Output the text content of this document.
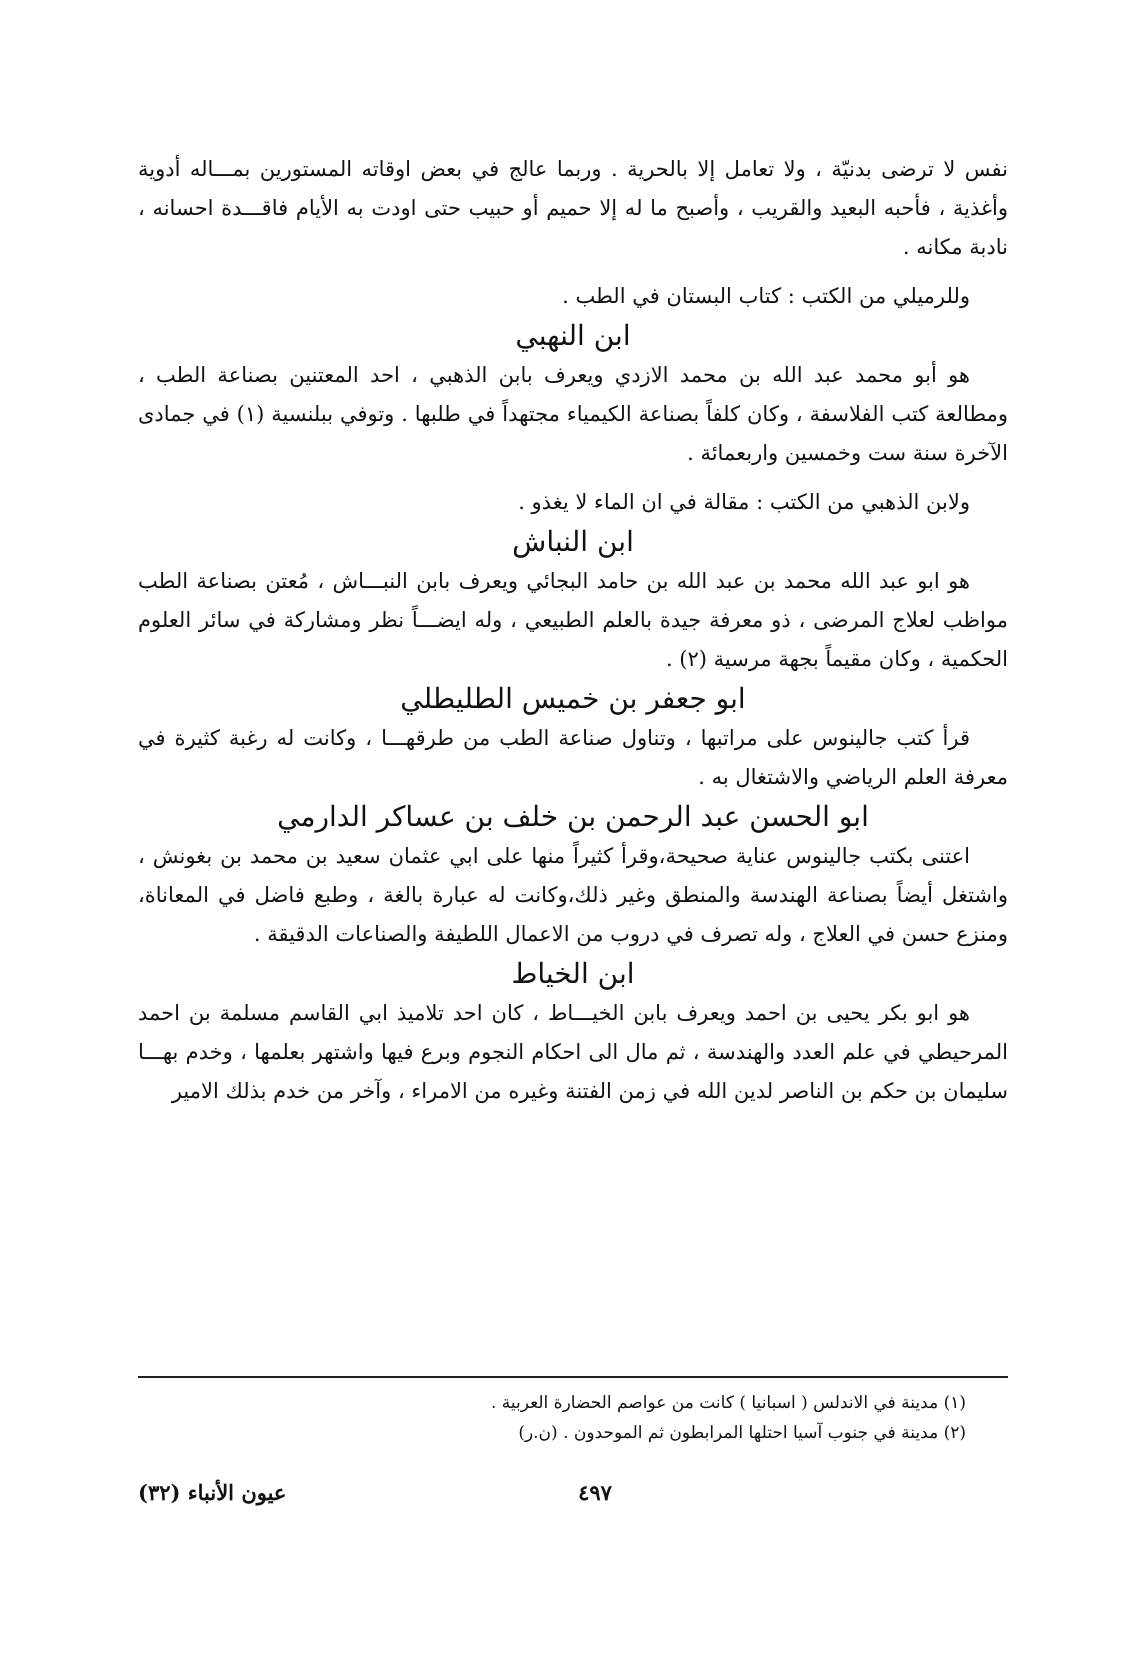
نفس لا ترضى بدنيّة ، ولا تعامل إلا بالحرية . وربما عالج في بعض اوقاته المستورين بمـــاله أدوية وأغذية ، فأحبه البعيد والقريب ، وأصبح ما له إلا حميم أو حبيب حتى اودت به الأيام فاقـــدة احسانه ، نادبة مكانه .

وللرميلي من الكتب : كتاب البستان في الطب .

ابن النهبي

هو أبو محمد عبد الله بن محمد الازدي ويعرف بابن الذهبي ، احد المعتنين بصناعة الطب ، ومطالعة كتب الفلاسفة ، وكان كلفاً بصناعة الكيمياء مجتهداً في طلبها . وتوفي ببلنسية (١) في جمادى الآخرة سنة ست وخمسين واربعمائة .

ولابن الذهبي من الكتب : مقالة في ان الماء لا يغذو .

ابن النباش

هو ابو عبد الله محمد بن عبد الله بن حامد البجائي ويعرف بابن النبـــاش ، مُعتن بصناعة الطب مواظب لعلاج المرضى ، ذو معرفة جيدة بالعلم الطبيعي ، وله ايضـــاً نظر ومشاركة في سائر العلوم الحكمية ، وكان مقيماً بجهة مرسية (٢) .

ابو جعفر بن خميس الطليطلي

قرأ كتب جالينوس على مراتبها ، وتناول صناعة الطب من طرقهـــا ، وكانت له رغبة كثيرة في معرفة العلم الرياضي والاشتغال به .

ابو الحسن عبد الرحمن بن خلف بن عساكر الدارمي

اعتنى بكتب جالينوس عناية صحيحة،وقرأ كثيراً منها على ابي عثمان سعيد بن محمد بن بغونش ، واشتغل أيضاً بصناعة الهندسة والمنطق وغير ذلك،وكانت له عبارة بالغة ، وطبع فاضل في المعاناة، ومنزع حسن في العلاج ، وله تصرف في دروب من الاعمال اللطيفة والصناعات الدقيقة .

ابن الخياط

هو ابو بكر يحيى بن احمد ويعرف بابن الخيـــاط ، كان احد تلاميذ ابي القاسم مسلمة بن احمد المرحيطي في علم العدد والهندسة ، ثم مال الى احكام النجوم وبرع فيها واشتهر بعلمها ، وخدم بهـــا سليمان بن حكم بن الناصر لدين الله في زمن الفتنة وغيره من الامراء ، وآخر من خدم بذلك الامير

(١) مدينة في الاندلس ( اسبانيا ) كانت من عواصم الحضارة العربية .

(٢) مدينة في جنوب آسيا احتلها المرابطون ثم الموحدون . (ن.ر)

٤٩٧
عيون الأنباء (٣٢)
